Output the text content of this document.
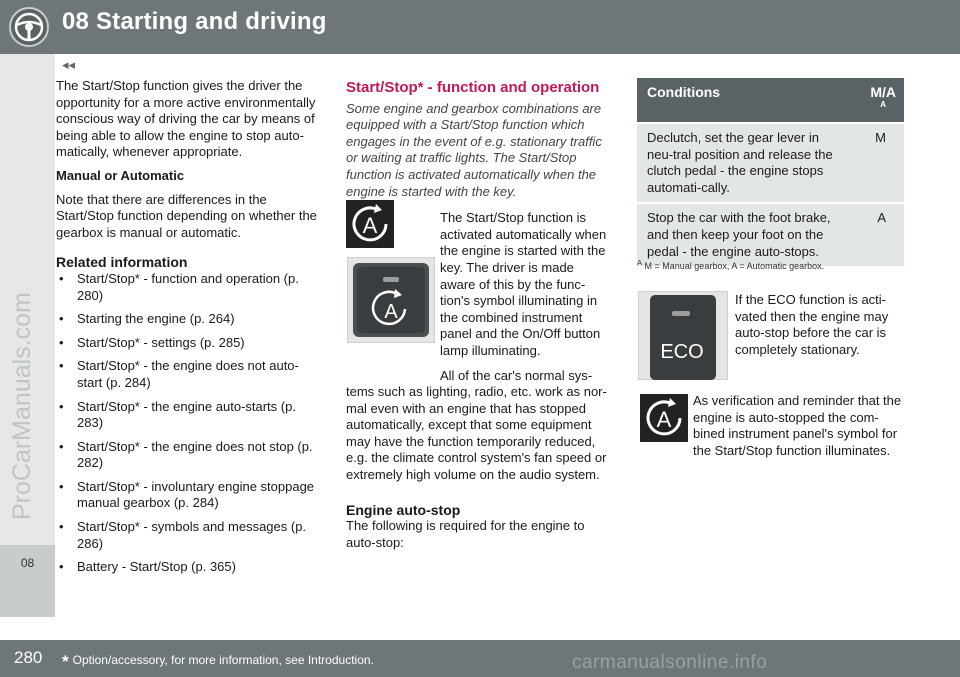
08 Starting and driving
ProCarManuals.com
08
◂◂

The Start/Stop function gives the driver the opportunity for a more active environmentally conscious way of driving the car by means of being able to allow the engine to stop auto-matically, whenever appropriate.

Manual or Automatic

Note that there are differences in the Start/Stop function depending on whether the gearbox is manual or automatic.

Related information
• Start/Stop* - function and operation (p. 280)
• Starting the engine (p. 264)
• Start/Stop* - settings (p. 285)
• Start/Stop* - the engine does not auto-start (p. 284)
• Start/Stop* - the engine auto-starts (p. 283)
• Start/Stop* - the engine does not stop (p. 282)
• Start/Stop* - involuntary engine stoppage manual gearbox (p. 284)
• Start/Stop* - symbols and messages (p. 286)
• Battery - Start/Stop (p. 365)
Start/Stop* - function and operation

Some engine and gearbox combinations are equipped with a Start/Stop function which engages in the event of e.g. stationary traffic or waiting at traffic lights. The Start/Stop function is activated automatically when the engine is started with the key.

The Start/Stop function is activated automatically when the engine is started with the key. The driver is made aware of this by the func-tion's symbol illuminating in the combined instrument panel and the On/Off button lamp illuminating.

All of the car's normal sys-tems such as lighting, radio, etc. work as nor-mal even with an engine that has stopped automatically, except that some equipment may have the function temporarily reduced, e.g. the climate control system's fan speed or extremely high volume on the audio system.

Engine auto-stop
The following is required for the engine to auto-stop:
A
A
Conditions	M/A
A
Declutch, set the gear lever in neu-tral position and release the clutch pedal - the engine stops automati-cally.
M
Stop the car with the foot brake, and then keep your foot on the pedal - the engine auto-stops.
A
$^A$ M = Manual gearbox, A = Automatic gearbox.
ECO
If the ECO function is acti-vated then the engine may auto-stop before the car is completely stationary.
A
As verification and reminder that the engine is auto-stopped the com-bined instrument panel's symbol for the Start/Stop function illuminates.
280 * Option/accessory, for more information, see Introduction.	carmanualsonline.info
